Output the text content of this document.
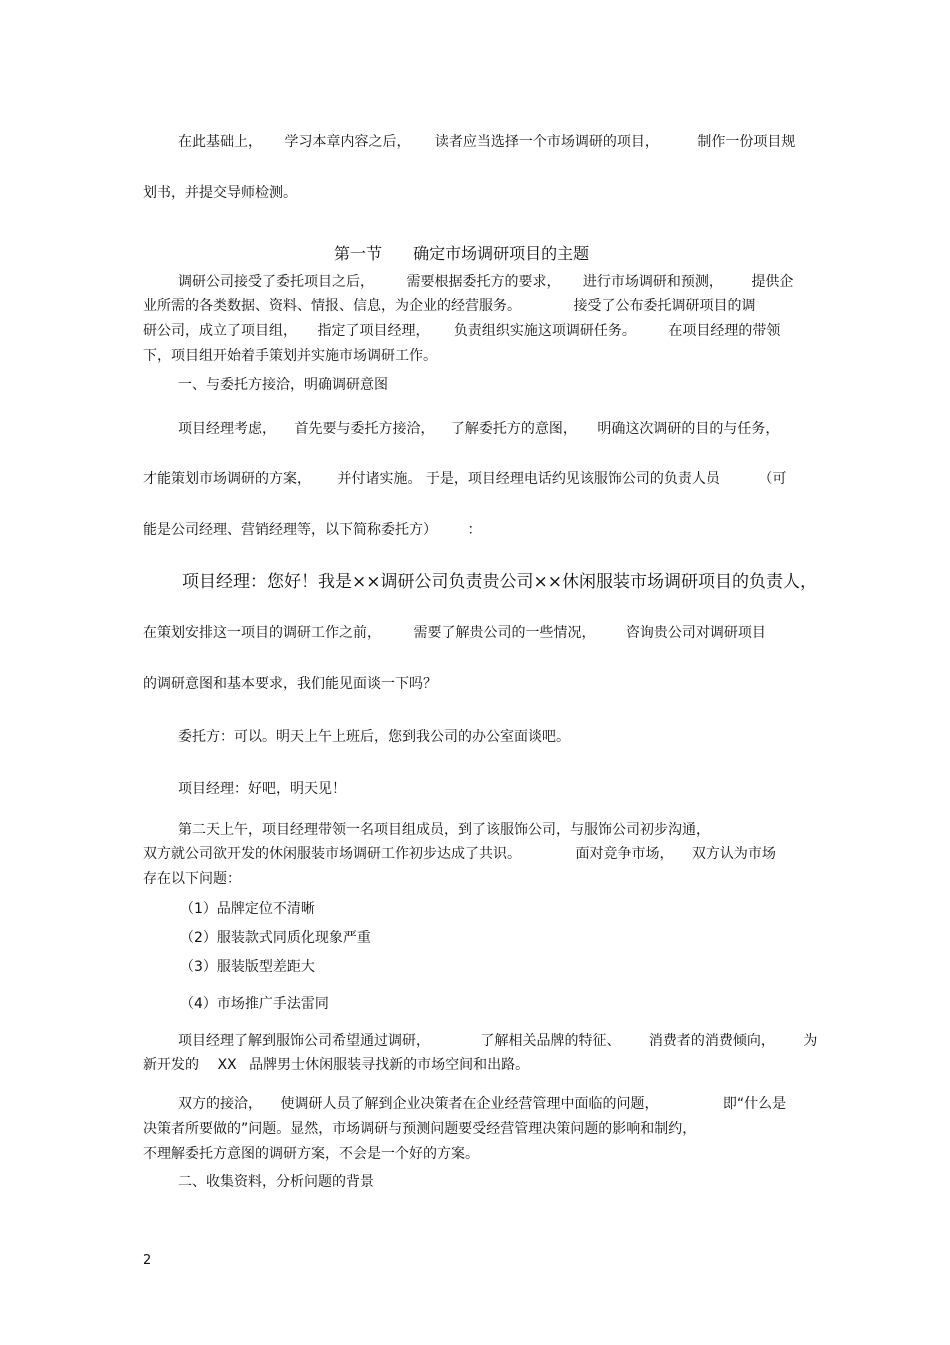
在此基础上， 学习本章内容之后， 读者应当选择一个市场调研的项目，	制作一份项目规
划书，并提交导师检测。
第一节 确定市场调研项目的主题
调研公司接受了委托项目之后， 需要根据委托方的要求， 进行市场调研和预测， 提供企
业所需的各类数据、资料、情报、信息，为企业的经营服务。	接受了公布委托调研项目的调
研公司，成立了项目组， 指定了项目经理， 负责组织实施这项调研任务。 在项目经理的带领
下，项目组开始着手策划并实施市场调研工作。
一、与委托方接洽，明确调研意图
项目经理考虑， 首先要与委托方接洽， 了解委托方的意图， 明确这次调研的目的与任务，
才能策划市场调研的方案， 并付诸实施。 于是，项目经理电话约见该服饰公司的负责人员	（可
能是公司经理、营销经理等，以下简称委托方） ：
项目经理：您好！我是××调研公司负责贵公司××休闲服装市场调研项目的负责人，
在策划安排这一项目的调研工作之前， 需要了解贵公司的一些情况， 咨询贵公司对调研项目
的调研意图和基本要求，我们能见面谈一下吗？
委托方：可以。明天上午上班后，您到我公司的办公室面谈吧。
项目经理：好吧，明天见！
第二天上午，项目经理带领一名项目组成员，到了该服饰公司，与服饰公司初步沟通，
双方就公司欲开发的休闲服装市场调研工作初步达成了共识。	面对竞争市场， 双方认为市场
存在以下问题：
（1）品牌定位不清晰
（2）服装款式同质化现象严重
（3）服装版型差距大
（4）市场推广手法雷同
项目经理了解到服饰公司希望通过调研，	了解相关品牌的特征、 消费者的消费倾向， 为
新开发的 XX 品牌男士休闲服装寻找新的市场空间和出路。
双方的接洽， 使调研人员了解到企业决策者在企业经营管理中面临的问题，	即“什么是
决策者所要做的”问题。显然，市场调研与预测问题要受经营管理决策问题的影响和制约，
不理解委托方意图的调研方案，不会是一个好的方案。
二、收集资料，分析问题的背景
2
